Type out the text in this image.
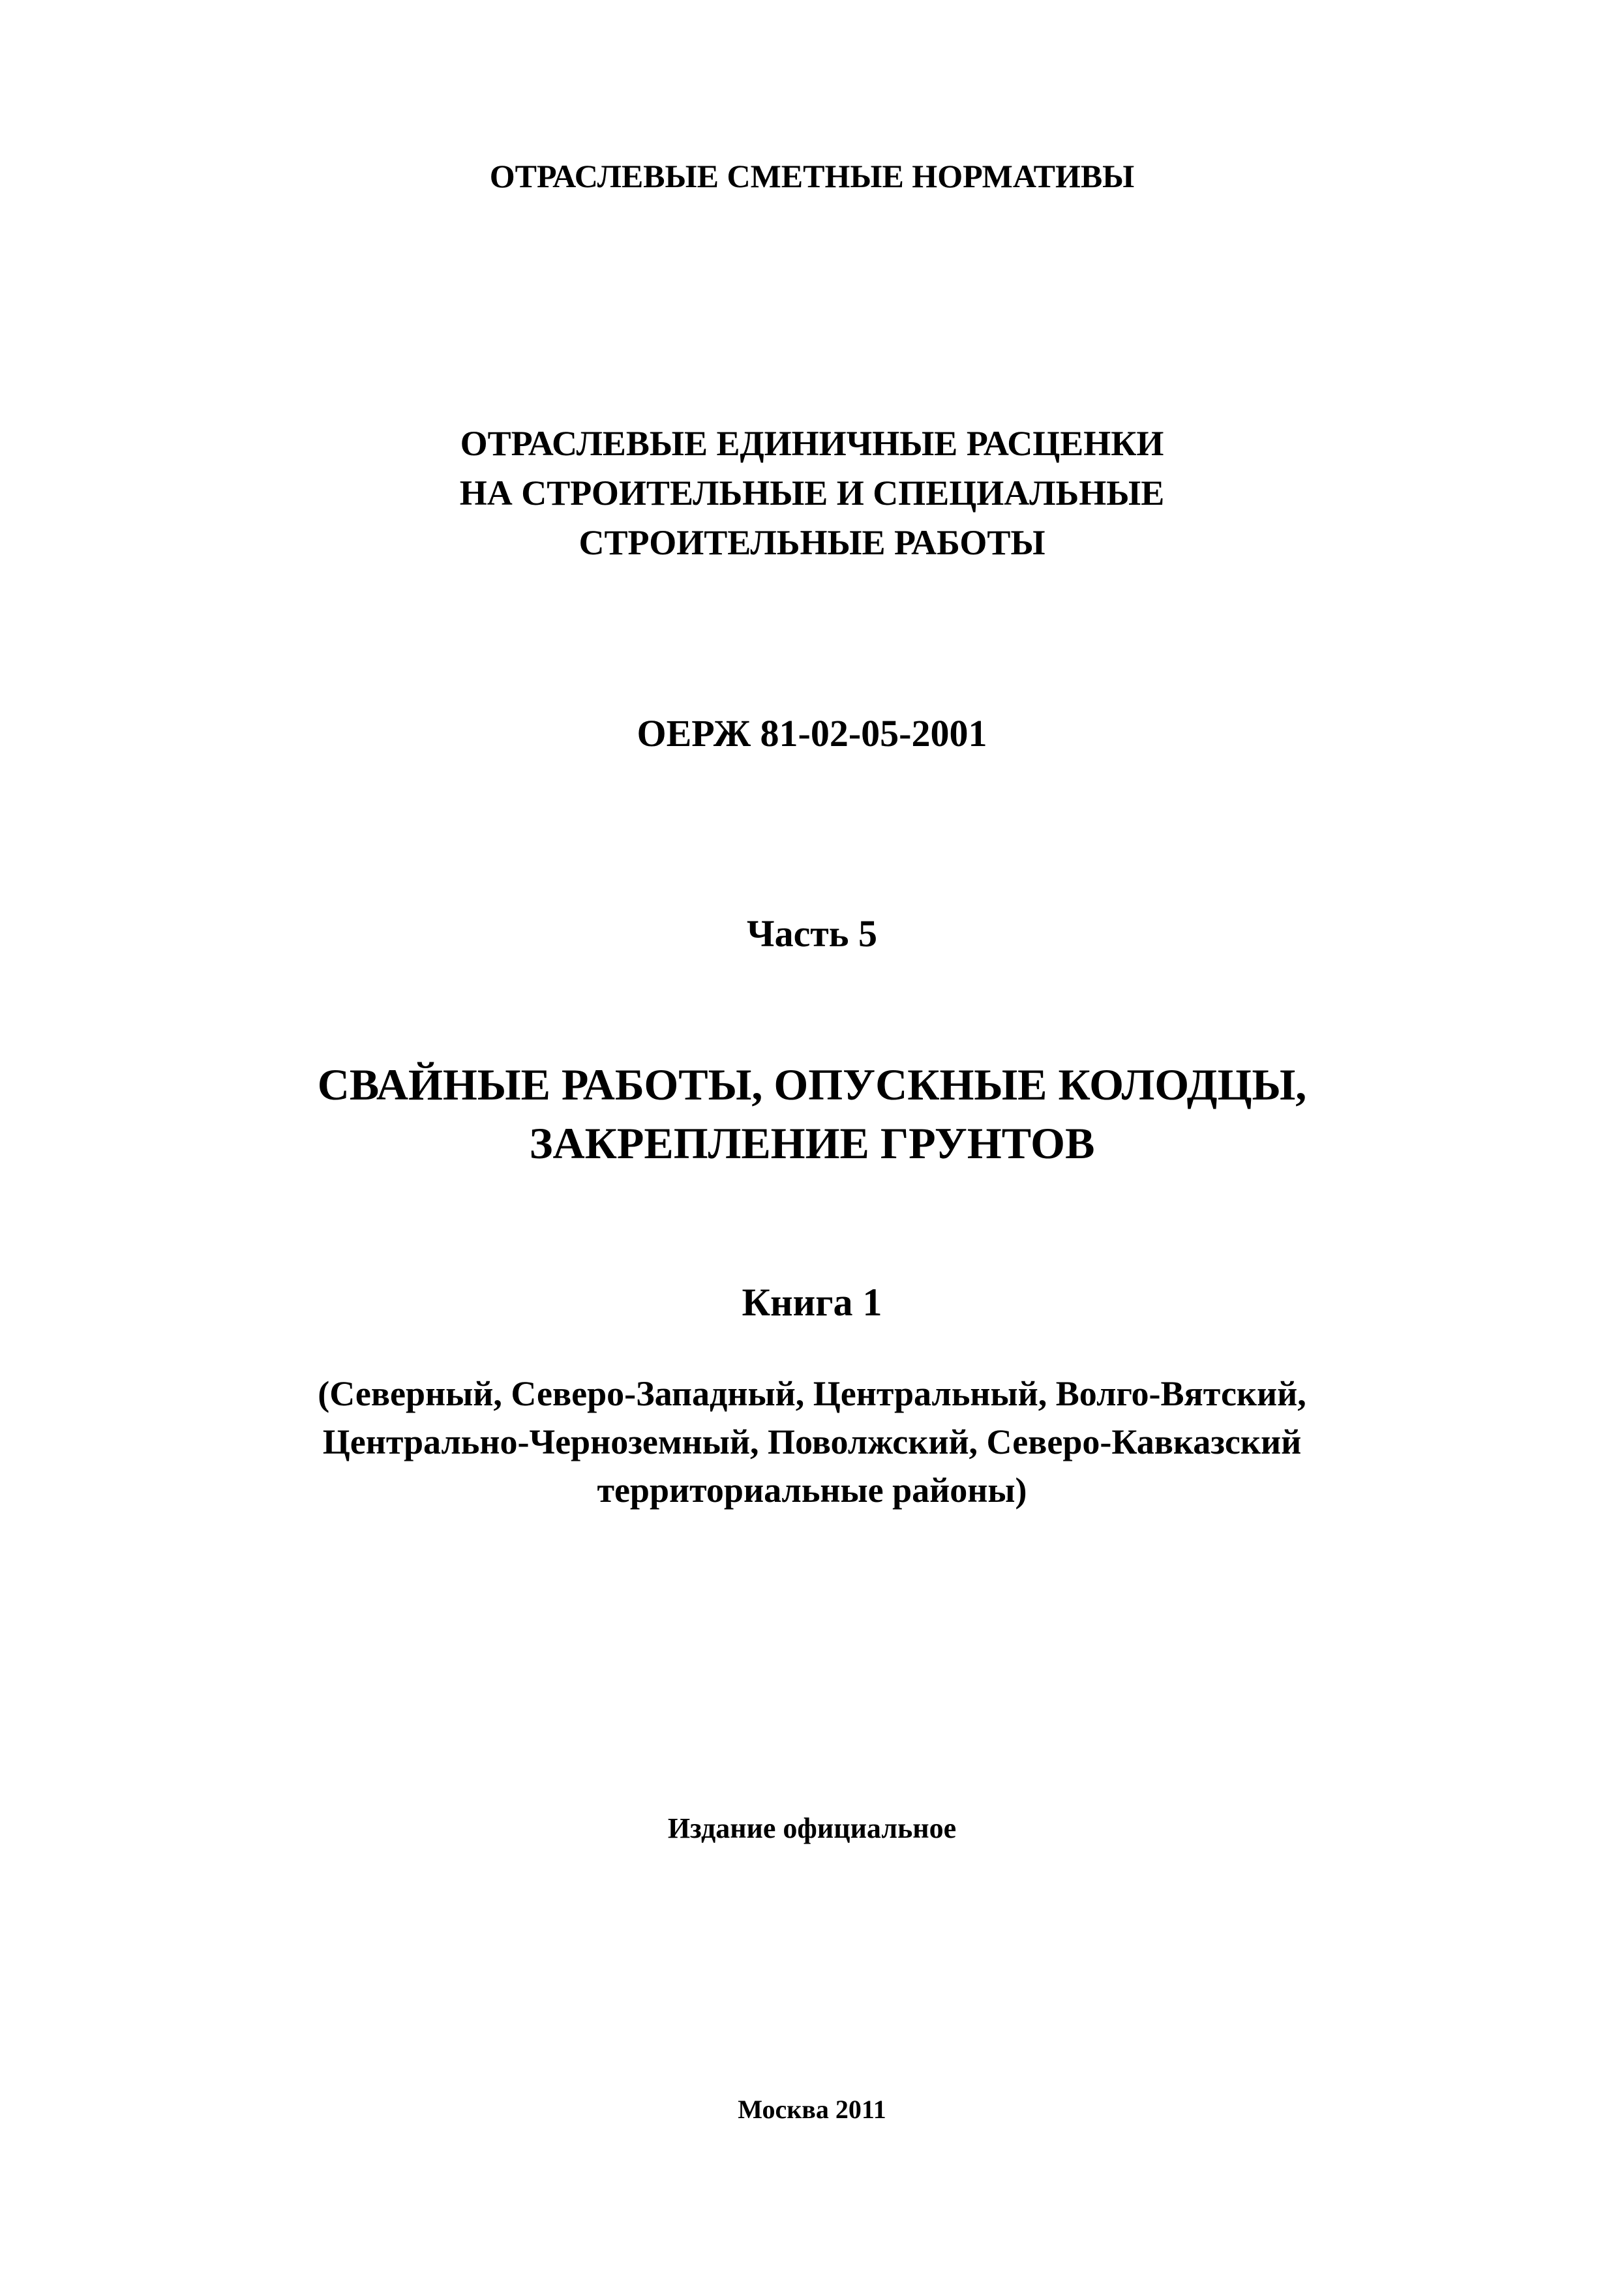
ОТРАСЛЕВЫЕ СМЕТНЫЕ НОРМАТИВЫ

ОТРАСЛЕВЫЕ ЕДИНИЧНЫЕ РАСЦЕНКИ

НА СТРОИТЕЛЬНЫЕ И СПЕЦИАЛЬНЫЕ

СТРОИТЕЛЬНЫЕ РАБОТЫ

ОЕРЖ 81-02-05-2001

Часть 5

СВАЙНЫЕ РАБОТЫ, ОПУСКНЫЕ КОЛОДЦЫ,

ЗАКРЕПЛЕНИЕ ГРУНТОВ

Книга 1

(Северный, Северо-Западный, Центральный, Волго-Вятский,

Центрально-Черноземный, Поволжский, Северо-Кавказский

территориальные районы)

Издание официальное

Москва 2011
